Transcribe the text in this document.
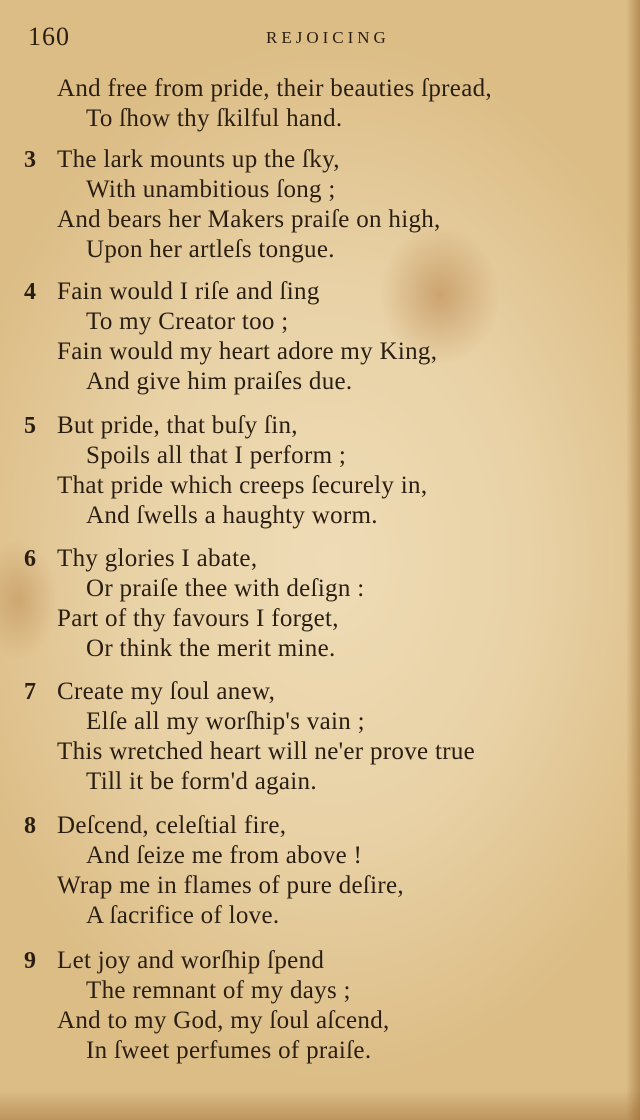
160	REJOICING
And free from pride, their beauties ſpread,
To ſhow thy ſkilful hand.
3 The lark mounts up the ſky,
With unambitious ſong ;
And bears her Makers praiſe on high,
Upon her artleſs tongue.
4 Fain would I riſe and ſing
To my Creator too ;
Fain would my heart adore my King,
And give him praiſes due.
5 But pride, that buſy ſin,
Spoils all that I perform ;
That pride which creeps ſecurely in,
And ſwells a haughty worm.
6 Thy glories I abate,
Or praiſe thee with deſign :
Part of thy favours I forget,
Or think the merit mine.
7 Create my ſoul anew,
Elſe all my worſhip's vain ;
This wretched heart will ne'er prove true
Till it be form'd again.
8 Deſcend, celeſtial fire,
And ſeize me from above !
Wrap me in flames of pure deſire,
A ſacrifice of love.
9 Let joy and worſhip ſpend
The remnant of my days ;
And to my God, my ſoul aſcend,
In ſweet perfumes of praiſe.
